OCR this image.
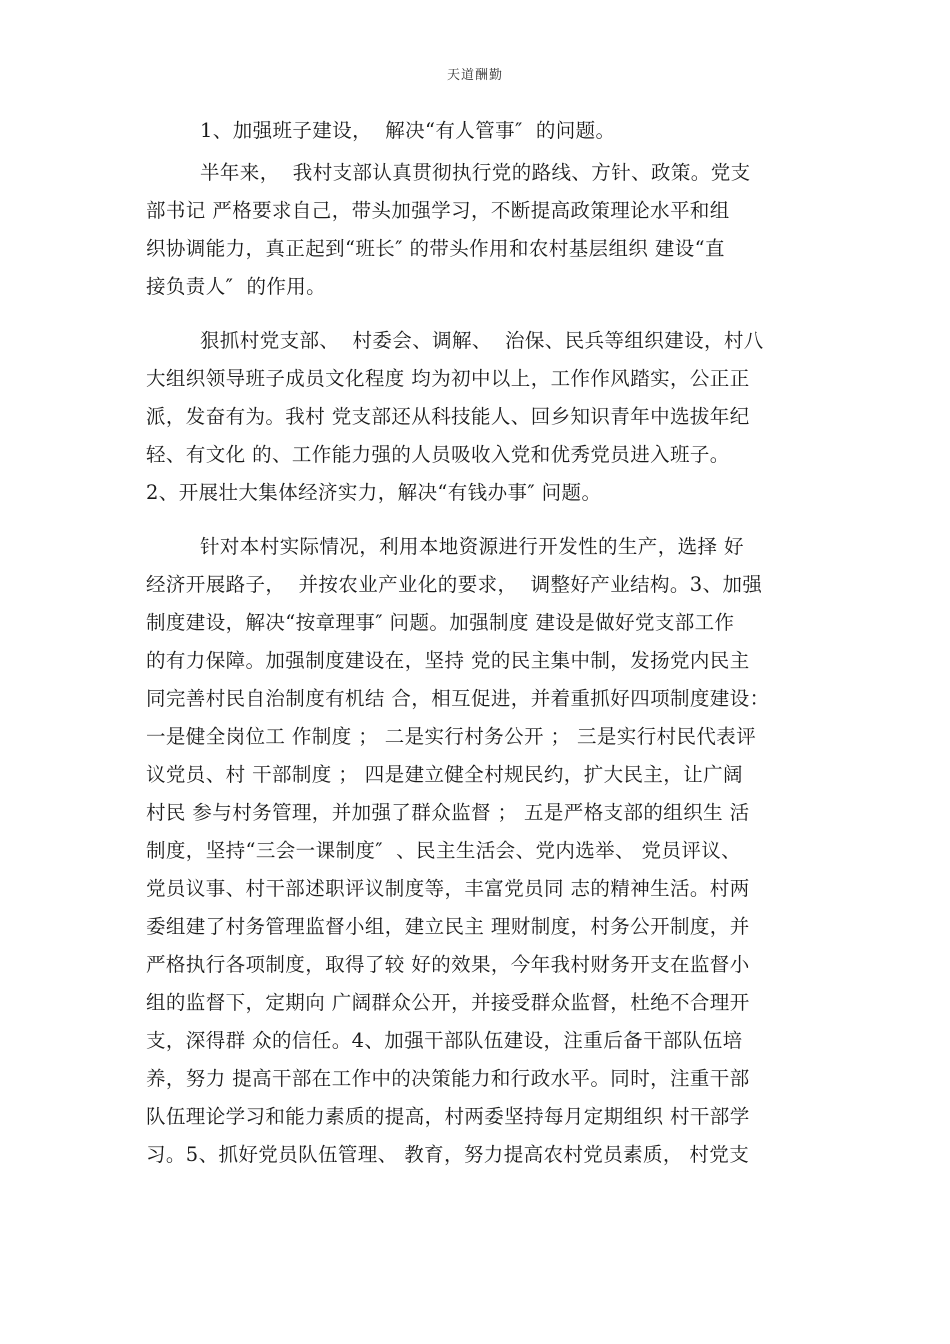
天道酬勤
1、加强班子建设，  解决“有人管事″  的问题。
半年来，  我村支部认真贯彻执行党的路线、方针、政策。党支
部书记 严格要求自己，带头加强学习，不断提高政策理论水平和组
织协调能力，真正起到“班长″ 的带头作用和农村基层组织 建设“直
接负责人″  的作用。
狠抓村党支部、  村委会、调解、  治保、民兵等组织建设，村八
大组织领导班子成员文化程度 均为初中以上，工作作风踏实，公正正
派，发奋有为。我村 党支部还从科技能人、回乡知识青年中选拔年纪
轻、有文化 的、工作能力强的人员吸收入党和优秀党员进入班子。
2、开展壮大集体经济实力，解决“有钱办事″ 问题。
针对本村实际情况，利用本地资源进行开发性的生产，选择 好
经济开展路子，  并按农业产业化的要求，  调整好产业结构。3、加强
制度建设，解决“按章理事″ 问题。加强制度 建设是做好党支部工作
的有力保障。加强制度建设在，坚持 党的民主集中制，发扬党内民主
同完善村民自治制度有机结 合，相互促进，并着重抓好四项制度建设：
一是健全岗位工 作制度 ； 二是实行村务公开 ； 三是实行村民代表评
议党员、村 干部制度 ； 四是建立健全村规民约，扩大民主，让广阔
村民 参与村务管理，并加强了群众监督 ； 五是严格支部的组织生 活
制度，坚持“三会一课制度″  、民主生活会、党内选举、 党员评议、
党员议事、村干部述职评议制度等，丰富党员同 志的精神生活。村两
委组建了村务管理监督小组，建立民主 理财制度，村务公开制度，并
严格执行各项制度，取得了较 好的效果，今年我村财务开支在监督小
组的监督下，定期向 广阔群众公开，并接受群众监督，杜绝不合理开
支，深得群 众的信任。4、加强干部队伍建设，注重后备干部队伍培
养，努力 提高干部在工作中的决策能力和行政水平。同时，注重干部
队伍理论学习和能力素质的提高，村两委坚持每月定期组织 村干部学
习。5、抓好党员队伍管理、 教育，努力提高农村党员素质， 村党支
